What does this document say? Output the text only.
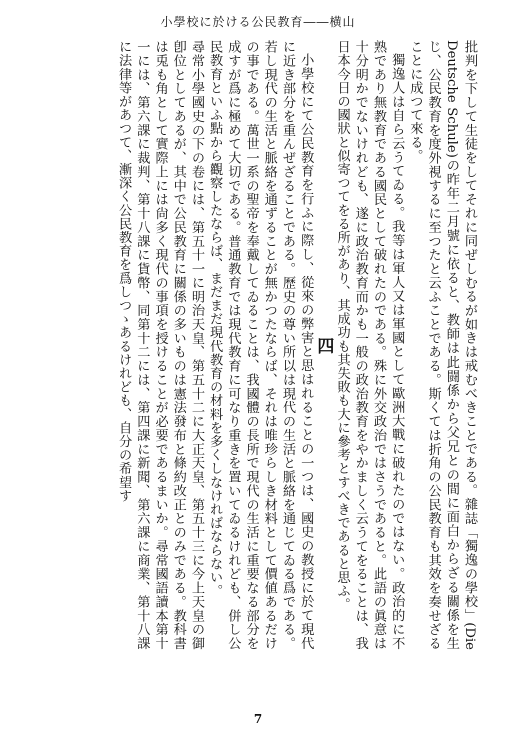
小學校に於ける公民教育――横山

批判を下して生徒をしてそれに同ぜしむるが如きは戒むべきことである。雜誌「獨逸の學校」(Die Deutsche Schule)の昨年二月號に依ると、教師は此闘係から父兄との間に面白からざる關係を生じ、公民教育を度外視するに至つたと云ふことである。斯くては折角の公民教育も其效を奏せざることに成つて來る。

獨逸人は自ら云うてゐる。我等は軍人又は軍國として歐洲大戰に破れたのではない。政治的に不熟であり無教育である國民として破れたのである。殊に外交政治ではさうであると。此語の眞意は十分明かでないけれども、遂に政治教育而かも一般の政治教育をやかましく云うてをることは、我日本今日の國狀と似寄つてをる所があり、其成功も其失敗も大に參考とすべきであると思ふ。

四

小學校にて公民教育を行ふに際し、從來の弊害と思はれることの一つは、國史の教授に於て現代に近き部分を重んぜざることである。歷史の尊い所以は現代の生活と脈絡を通じてゐる爲である。若し現代の生活と脈絡を通ずることが無かつたならば、それは唯珍らしき材料として價値あるだけの事である。萬世一系の聖帝を奉戴してゐることは、我國體の長所で現代の生活に重要なる部分を成すが爲に極めて大切である。普通教育では現代教育に可なり重きを置いてゐるけれども、併し公民教育といふ點から觀察したならば、まだまだ現代教育の材料を多くしなければならない。

尋常小學國史の下の卷には、第五十一に明治天皇、第五十二に大正天皇、第五十三に今上天皇の御卽位としてあるが、其中で公民教育に關係の多いものは憲法發布と條約改正とのみである。教科書は兎も角として實際上には尙多く現代の事項を授けることが必要であるまいか。尋常國語讀本第十一には、第六課に裁判、第十八課に貨幣、同第十二には、第四課に新聞、第六課に商業、第十八課に法律等があつて、漸深く公民教育を爲しつゝあるけれども、自分の希望す

7
